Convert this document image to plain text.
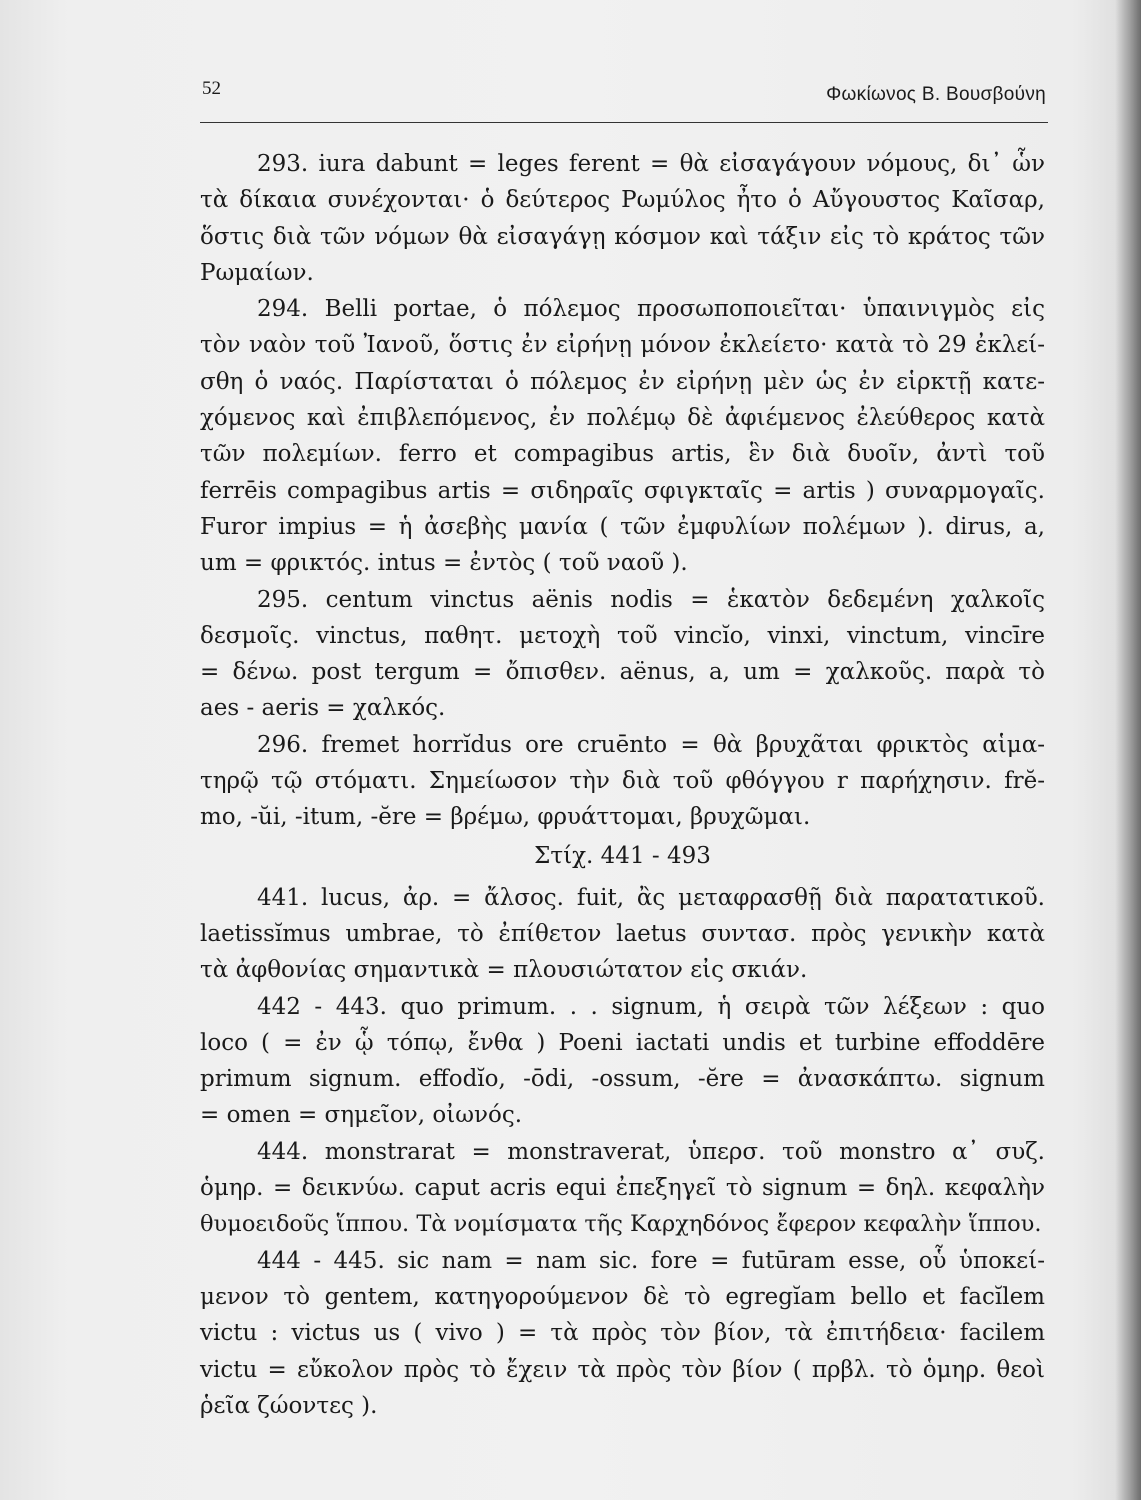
52	Φωκίωνος Β. Βουσβούνη
293. iura dabunt = leges ferent = θὰ εἰσαγάγουν νόμους, δι᾽ ὧν
τὰ δίκαια συνέχονται· ὁ δεύτερος Ρωμύλος ἦτο ὁ Αὔγουστος Καῖσαρ,
ὅστις διὰ τῶν νόμων θὰ εἰσαγάγῃ κόσμον καὶ τάξιν εἰς τὸ κράτος τῶν
Ρωμαίων.
294. Belli portae, ὁ πόλεμος προσωποποιεῖται· ὑπαινιγμὸς εἰς
τὸν ναὸν τοῦ Ἰανοῦ, ὅστις ἐν εἰρήνῃ μόνον ἐκλείετο· κατὰ τὸ 29 ἐκλεί-
σθη ὁ ναός. Παρίσταται ὁ πόλεμος ἐν εἰρήνῃ μὲν ὡς ἐν εἱρκτῇ κατε-
χόμενος καὶ ἐπιβλεπόμενος, ἐν πολέμῳ δὲ ἀφιέμενος ἐλεύθερος κατὰ
τῶν πολεμίων. ferro et compagibus artis, ἓν διὰ δυοῖν, ἀντὶ τοῦ
ferrēis compagibus artis = σιδηραῖς σφιγκταῖς = artis ) συναρμογαῖς.
Furor impius = ἡ ἀσεβὴς μανία ( τῶν ἐμφυλίων πολέμων ). dirus, a,
um = φρικτός. intus = ἐντὸς ( τοῦ ναοῦ ).
295. centum vinctus aënis nodis = ἑκατὸν δεδεμένη χαλκοῖς
δεσμοῖς. vinctus, παθητ. μετοχὴ τοῦ vincĭo, vinxi, vinctum, vincīre
= δένω. post tergum = ὄπισθεν. aënus, a, um = χαλκοῦς. παρὰ τὸ
aes - aeris = χαλκός.
296. fremet horrĭdus ore cruēnto = θὰ βρυχᾶται φρικτὸς αἱμα-
τηρῷ τῷ στόματι. Σημείωσον τὴν διὰ τοῦ φθόγγου r παρήχησιν. frĕ-
mo, -ŭi, -itum, -ĕre = βρέμω, φρυάττομαι, βρυχῶμαι.
Στίχ. 441 - 493
441. lucus, ἀρ. = ἄλσος. fuit, ἂς μεταφρασθῇ διὰ παρατατικοῦ.
laetissĭmus umbrae, τὸ ἐπίθετον laetus συντασ. πρὸς γενικὴν κατὰ
τὰ ἀφθονίας σημαντικὰ = πλουσιώτατον εἰς σκιάν.
442 - 443. quo primum. . . signum, ἡ σειρὰ τῶν λέξεων : quo
loco ( = ἐν ᾧ τόπῳ, ἔνθα ) Poeni iactati undis et turbine effoddēre
primum signum. effodĭo, -ōdi, -ossum, -ĕre = ἀνασκάπτω. signum
= omen = σημεῖον, οἰωνός.
444. monstrarat = monstraverat, ὑπερσ. τοῦ monstro α᾽ συζ.
ὁμηρ. = δεικνύω. caput acris equi ἐπεξηγεῖ τὸ signum = δηλ. κεφαλὴν
θυμοειδοῦς ἵππου. Τὰ νομίσματα τῆς Καρχηδόνος ἔφερον κεφαλὴν ἵππου.
444 - 445. sic nam = nam sic. fore = futūram esse, οὗ ὑποκεί-
μενον τὸ gentem, κατηγορούμενον δὲ τὸ egregĭam bello et facĭlem
victu : victus us ( vivo ) = τὰ πρὸς τὸν βίον, τὰ ἐπιτήδεια· facilem
victu = εὔκολον πρὸς τὸ ἔχειν τὰ πρὸς τὸν βίον ( πρβλ. τὸ ὁμηρ. θεοὶ
ῥεῖα ζώοντες ).
